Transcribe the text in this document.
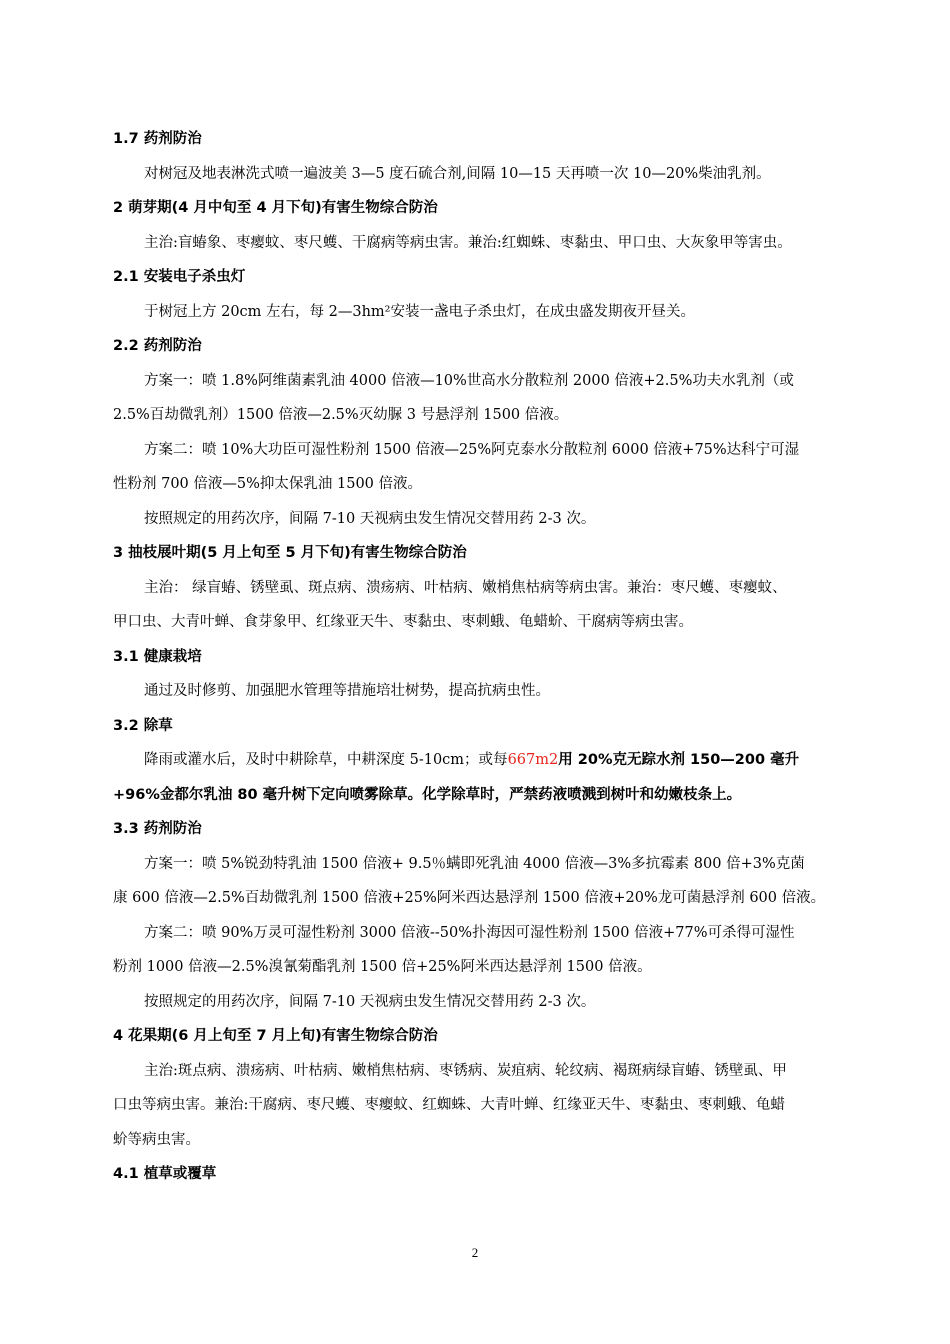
1.7 药剂防治
对树冠及地表淋洗式喷一遍波美 3—5 度石硫合剂,间隔 10—15 天再喷一次 10—20%柴油乳剂。
2 萌芽期(4 月中旬至 4 月下旬)有害生物综合防治
主治:盲蝽象、枣瘿蚊、枣尺蠖、干腐病等病虫害。兼治:红蜘蛛、枣黏虫、甲口虫、大灰象甲等害虫。
2.1 安装电子杀虫灯
于树冠上方 20cm 左右，每 2—3hm²安装一盏电子杀虫灯，在成虫盛发期夜开昼关。
2.2 药剂防治
方案一：喷 1.8%阿维菌素乳油 4000 倍液—10%世高水分散粒剂 2000 倍液+2.5%功夫水乳剂（或
2.5%百劫微乳剂）1500 倍液—2.5%灭幼脲 3 号悬浮剂 1500 倍液。
方案二：喷 10%大功臣可湿性粉剂 1500 倍液—25%阿克泰水分散粒剂 6000 倍液+75%达科宁可湿
性粉剂 700 倍液—5%抑太保乳油 1500 倍液。
按照规定的用药次序，间隔 7-10 天视病虫发生情况交替用药 2-3 次。
3 抽枝展叶期(5 月上旬至 5 月下旬)有害生物综合防治
主治： 绿盲蝽、锈壁虱、斑点病、溃疡病、叶枯病、嫩梢焦枯病等病虫害。兼治：枣尺蠖、枣瘿蚊、
甲口虫、大青叶蝉、食芽象甲、红缘亚天牛、枣黏虫、枣刺蛾、龟蜡蚧、干腐病等病虫害。
3.1 健康栽培
通过及时修剪、加强肥水管理等措施培壮树势，提高抗病虫性。
3.2 除草
降雨或灌水后，及时中耕除草，中耕深度 5-10cm；或每667m2用 20%克无踪水剂 150—200 毫升
+96%金都尔乳油 80 毫升树下定向喷雾除草。化学除草时，严禁药液喷溅到树叶和幼嫩枝条上。
3.3 药剂防治
方案一：喷 5%锐劲特乳油 1500 倍液+ 9.5％螨即死乳油 4000 倍液—3%多抗霉素 800 倍+3%克菌
康 600 倍液—2.5%百劫微乳剂 1500 倍液+25%阿米西达悬浮剂 1500 倍液+20%龙可菌悬浮剂 600 倍液。
方案二：喷 90%万灵可湿性粉剂 3000 倍液--50%扑海因可湿性粉剂 1500 倍液+77%可杀得可湿性
粉剂 1000 倍液—2.5%溴氰菊酯乳剂 1500 倍+25%阿米西达悬浮剂 1500 倍液。
按照规定的用药次序，间隔 7-10 天视病虫发生情况交替用药 2-3 次。
4 花果期(6 月上旬至 7 月上旬)有害生物综合防治
主治:斑点病、溃疡病、叶枯病、嫩梢焦枯病、枣锈病、炭疽病、轮纹病、褐斑病绿盲蝽、锈壁虱、甲
口虫等病虫害。兼治:干腐病、枣尺蠖、枣瘿蚊、红蜘蛛、大青叶蝉、红缘亚天牛、枣黏虫、枣刺蛾、龟蜡
蚧等病虫害。
4.1 植草或覆草
2
